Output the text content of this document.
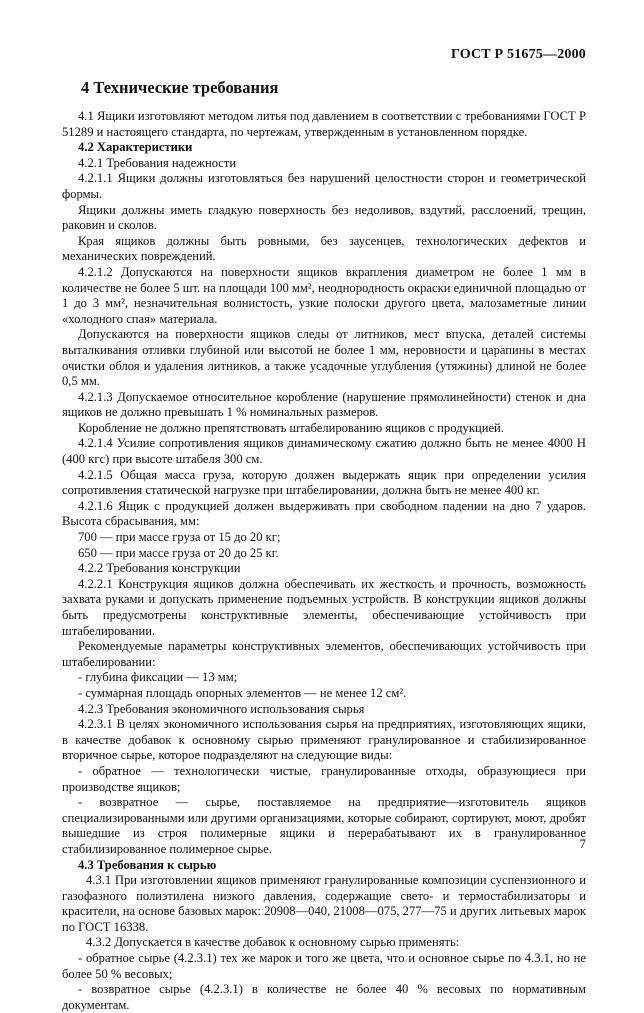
ГОСТ Р 51675—2000
4 Технические требования

4.1 Ящики изготовляют методом литья под давлением в соответствии с требованиями ГОСТ Р 51289 и настоящего стандарта, по чертежам, утвержденным в установленном порядке.

4.2 Характеристики

4.2.1 Требования надежности

4.2.1.1 Ящики должны изготовляться без нарушений целостности сторон и геометрической формы.

Ящики должны иметь гладкую поверхность без недоливов, вздутий, расслоений, трещин, раковин и сколов.

Края ящиков должны быть ровными, без заусенцев, технологических дефектов и механических повреждений.

4.2.1.2 Допускаются на поверхности ящиков вкрапления диаметром не более 1 мм в количестве не более 5 шт. на площади 100 мм², неоднородность окраски единичной площадью от 1 до 3 мм², незначительная волнистость, узкие полоски другого цвета, малозаметные линии «холодного спая» материала.

Допускаются на поверхности ящиков следы от литников, мест впуска, деталей системы выталкивания отливки глубиной или высотой не более 1 мм, неровности и царапины в местах очистки облоя и удаления литников, а также усадочные углубления (утяжины) длиной не более 0,5 мм.

4.2.1.3 Допускаемое относительное коробление (нарушение прямолинейности) стенок и дна ящиков не должно превышать 1 % номинальных размеров.

Коробление не должно препятствовать штабелированию ящиков с продукцией.

4.2.1.4 Усилие сопротивления ящиков динамическому сжатию должно быть не менее 4000 Н (400 кгс) при высоте штабеля 300 см.

4.2.1.5 Общая масса груза, которую должен выдержать ящик при определении усилия сопротивления статической нагрузке при штабелировании, должна быть не менее 400 кг.

4.2.1.6 Ящик с продукцией должен выдерживать при свободном падении на дно 7 ударов. Высота сбрасывания, мм:

700 — при массе груза от 15 до 20 кг;

650 — при массе груза от 20 до 25 кг.

4.2.2 Требования конструкции

4.2.2.1 Конструкция ящиков должна обеспечивать их жесткость и прочность, возможность захвата руками и допускать применение подъемных устройств. В конструкции ящиков должны быть предусмотрены конструктивные элементы, обеспечивающие устойчивость при штабелировании.

Рекомендуемые параметры конструктивных элементов, обеспечивающих устойчивость при штабелировании:

- глубина фиксации — 13 мм;

- суммарная площадь опорных элементов — не менее 12 см².

4.2.3 Требования экономичного использования сырья

4.2.3.1 В целях экономичного использования сырья на предприятиях, изготовляющих ящики, в качестве добавок к основному сырью применяют гранулированное и стабилизированное вторичное сырье, которое подразделяют на следующие виды:

- обратное — технологически чистые, гранулированные отходы, образующиеся при производстве ящиков;

- возвратное — сырье, поставляемое на предприятие—изготовитель ящиков специализированными или другими организациями, которые собирают, сортируют, моют, дробят вышедшие из строя полимерные ящики и перерабатывают их в гранулированное стабилизированное полимерное сырье.

4.3 Требования к сырью

4.3.1 При изготовлении ящиков применяют гранулированные композиции суспензионного и газофазного полиэтилена низкого давления, содержащие свето- и термостабилизаторы и красители, на основе базовых марок: 20908—040, 21008—075, 277—75 и других литьевых марок по ГОСТ 16338.

4.3.2 Допускается в качестве добавок к основному сырью применять:

- обратное сырье (4.2.3.1) тех же марок и того же цвета, что и основное сырье по 4.3.1, но не более 50 % весовых;

- возвратное сырье (4.2.3.1) в количестве не более 40 % весовых по нормативным документам.

7
